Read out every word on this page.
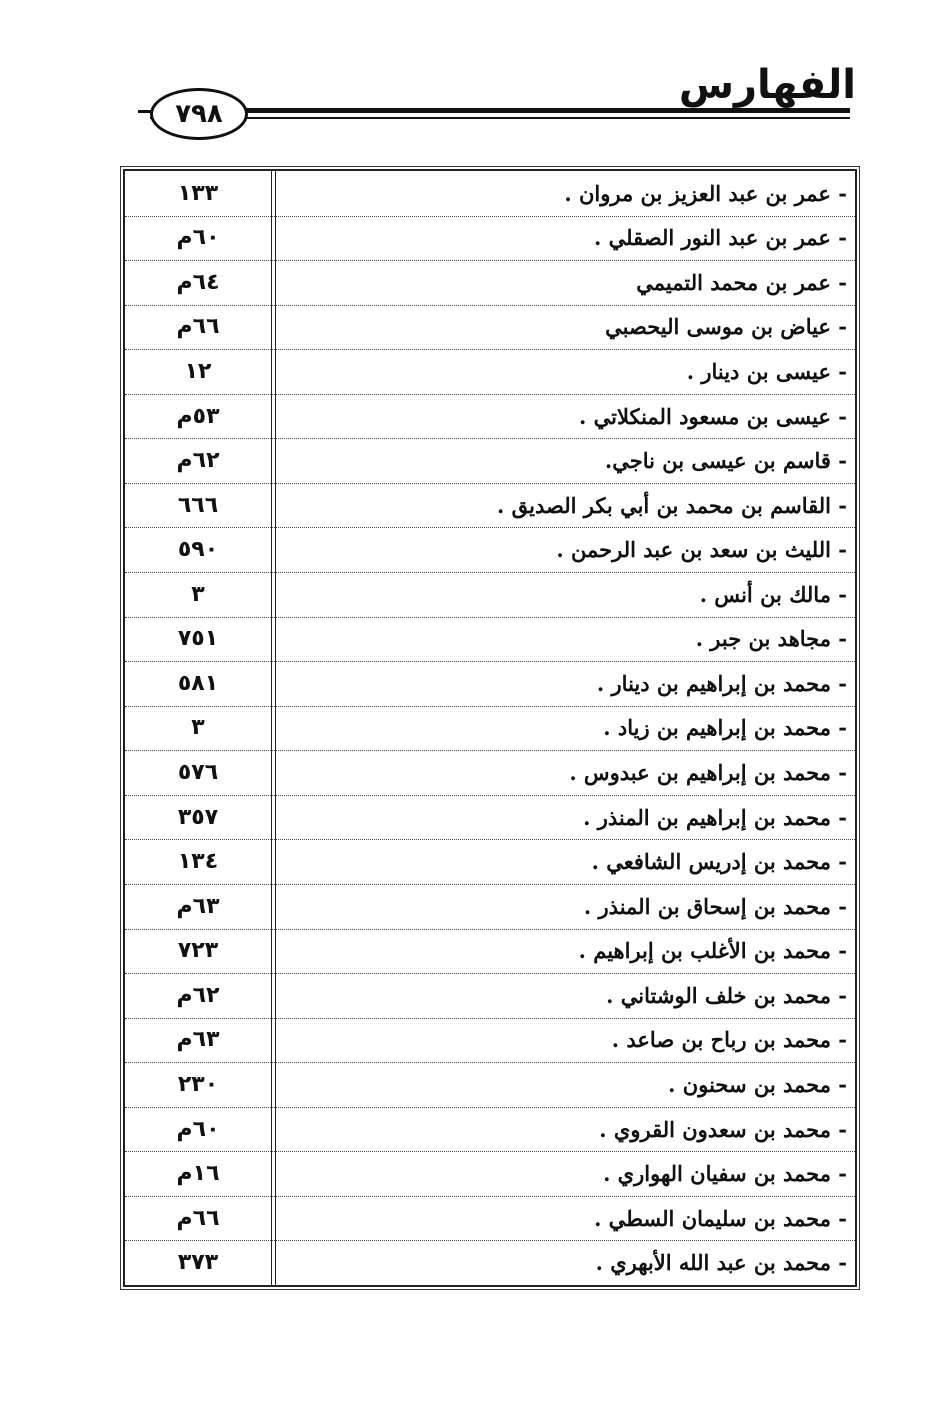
الفهارس
٧٩٨
- عمر بن عبد العزيز بن مروان .
١٣٣
- عمر بن عبد النور الصقلي .
٦٠م
- عمر بن محمد التميمي
٦٤م
- عياض بن موسى اليحصبي
٦٦م
- عيسى بن دينار .
١٢
- عيسى بن مسعود المنكلاتي .
٥٣م
- قاسم بن عيسى بن ناجي.
٦٢م
- القاسم بن محمد بن أبي بكر الصديق .
٦٦٦
- الليث بن سعد بن عبد الرحمن .
٥٩٠
- مالك بن أنس .
٣
- مجاهد بن جبر .
٧٥١
- محمد بن إبراهيم بن دينار .
٥٨١
- محمد بن إبراهيم بن زياد .
٣
- محمد بن إبراهيم بن عبدوس .
٥٧٦
- محمد بن إبراهيم بن المنذر .
٣٥٧
- محمد بن إدريس الشافعي .
١٣٤
- محمد بن إسحاق بن المنذر .
٦٣م
- محمد بن الأغلب بن إبراهيم .
٧٢٣
- محمد بن خلف الوشتاني .
٦٢م
- محمد بن رباح بن صاعد .
٦٣م
- محمد بن سحنون .
٢٣٠
- محمد بن سعدون القروي .
٦٠م
- محمد بن سفيان الهواري .
١٦م
- محمد بن سليمان السطي .
٦٦م
- محمد بن عبد الله الأبهري .
٣٧٣
